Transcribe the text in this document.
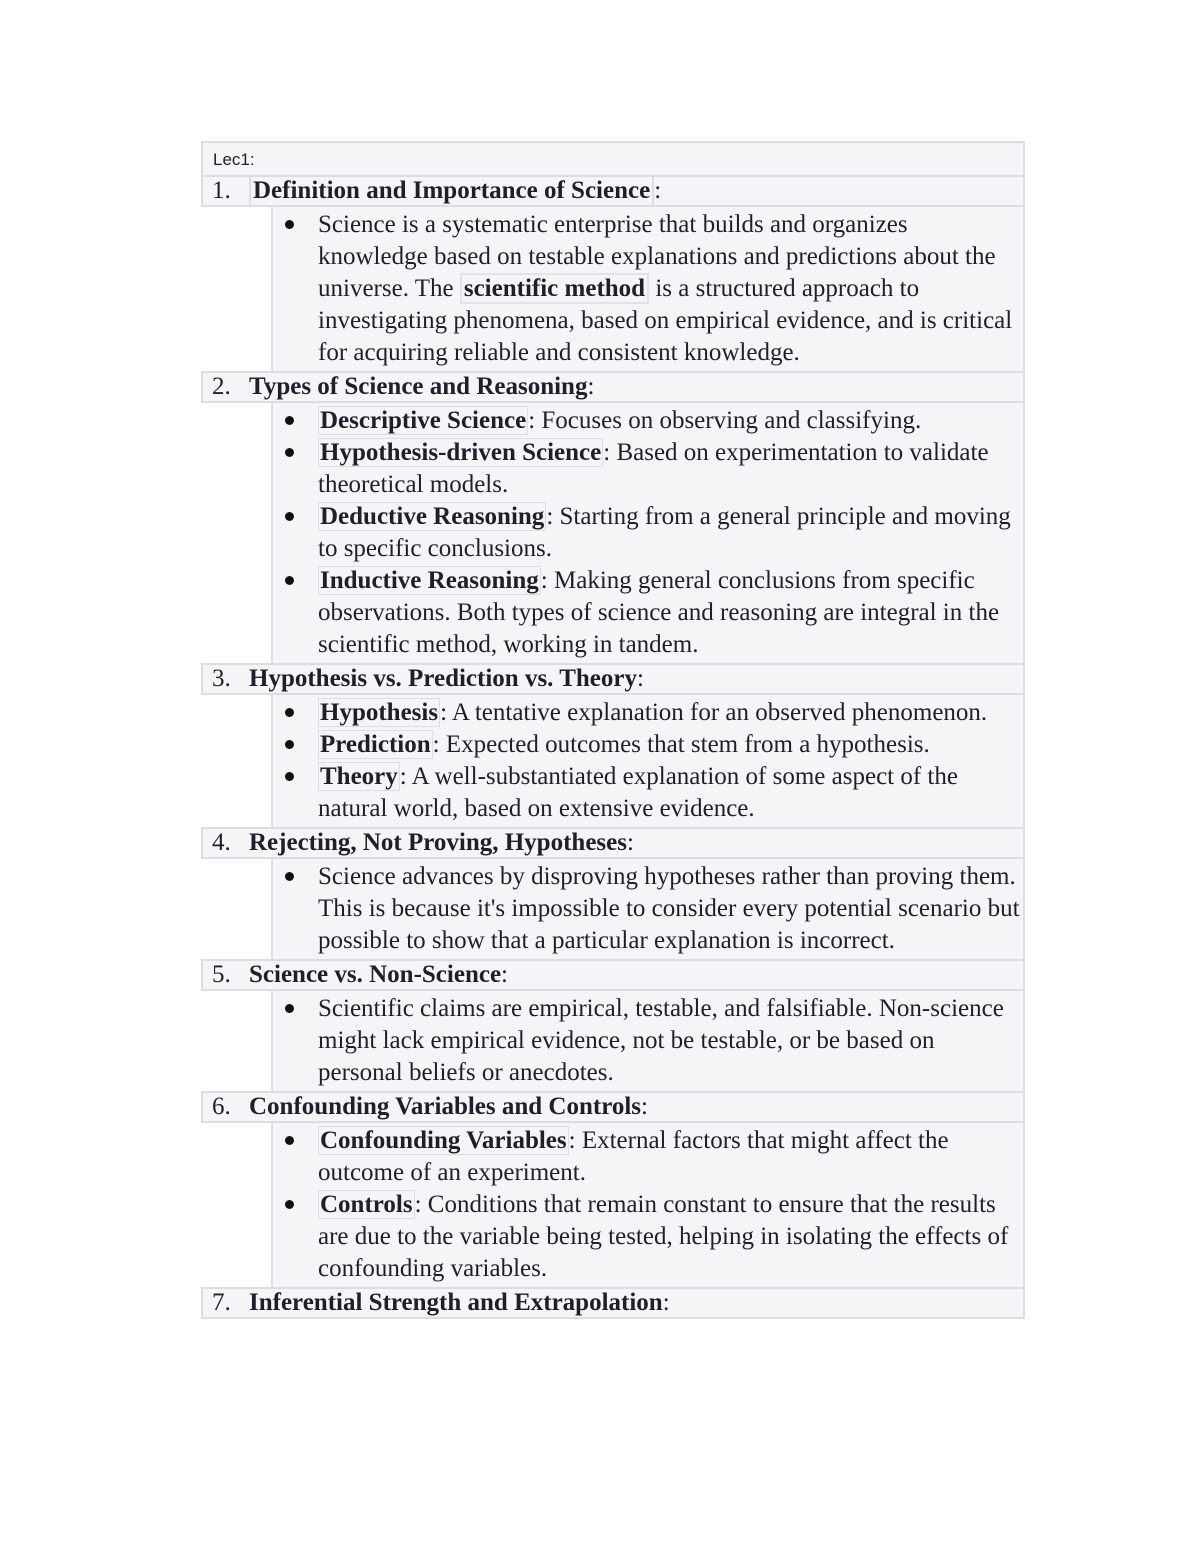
Lec1:
1. Definition and Importance of Science :
Science is a systematic enterprise that builds and organizes knowledge based on testable explanations and predictions about the universe. The scientific method is a structured approach to investigating phenomena, based on empirical evidence, and is critical for acquiring reliable and consistent knowledge.
2. Types of Science and Reasoning :
Descriptive Science: Focuses on observing and classifying.
Hypothesis-driven Science: Based on experimentation to validate theoretical models.
Deductive Reasoning: Starting from a general principle and moving to specific conclusions.
Inductive Reasoning: Making general conclusions from specific observations. Both types of science and reasoning are integral in the scientific method, working in tandem.
3. Hypothesis vs. Prediction vs. Theory :
Hypothesis: A tentative explanation for an observed phenomenon.
Prediction: Expected outcomes that stem from a hypothesis.
Theory: A well-substantiated explanation of some aspect of the natural world, based on extensive evidence.
4. Rejecting, Not Proving, Hypotheses :
Science advances by disproving hypotheses rather than proving them. This is because it's impossible to consider every potential scenario but possible to show that a particular explanation is incorrect.
5. Science vs. Non-Science :
Scientific claims are empirical, testable, and falsifiable. Non-science might lack empirical evidence, not be testable, or be based on personal beliefs or anecdotes.
6. Confounding Variables and Controls :
Confounding Variables: External factors that might affect the outcome of an experiment.
Controls: Conditions that remain constant to ensure that the results are due to the variable being tested, helping in isolating the effects of confounding variables.
7. Inferential Strength and Extrapolation :
